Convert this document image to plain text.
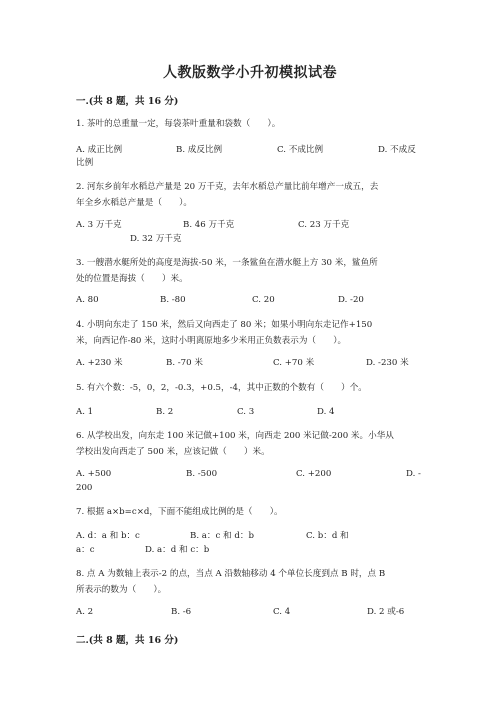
人教版数学小升初模拟试卷
一.(共 8 题，共 16 分)
1. 茶叶的总重量一定，每袋茶叶重量和袋数（　　）。
A. 成正比例	B. 成反比例	C. 不成比例	D. 不成反
比例
2. 河东乡前年水稻总产量是 20 万千克，去年水稻总产量比前年增产一成五，去
年全乡水稻总产量是（　　）。
A. 3 万千克	B. 46 万千克	C. 23 万千克
D. 32 万千克
3. 一艘潜水艇所处的高度是海拔-50 米，一条鲨鱼在潜水艇上方 30 米，鲨鱼所
处的位置是海拔（　　）米。
A. 80	B. -80	C. 20	D. -20
4. 小明向东走了 150 米，然后又向西走了 80 米；如果小明向东走记作+150
米，向西记作-80 米，这时小明离原地多少米用正负数表示为（　　）。
A. +230 米	B. -70 米	C. +70 米	D. -230 米
5. 有六个数：-5，0，2，-0.3，+0.5，-4，其中正数的个数有（　　）个。
A. 1	B. 2	C. 3	D. 4
6. 从学校出发，向东走 100 米记做+100 米，向西走 200 米记做-200 米。小华从
学校出发向西走了 500 米，应该记做（　　）米。
A. +500	B. -500	C. +200	D. -
200
7. 根据 a×b=c×d，下面不能组成比例的是（　　）。
A. d：a 和 b：c	B. a：c 和 d：b	C. b：d 和
a：c	D. a：d 和 c：b
8. 点 A 为数轴上表示-2 的点，当点 A 沿数轴移动 4 个单位长度到点 B 时，点 B
所表示的数为（　　）。
A. 2	B. -6	C. 4	D. 2 或-6
二.(共 8 题，共 16 分)
